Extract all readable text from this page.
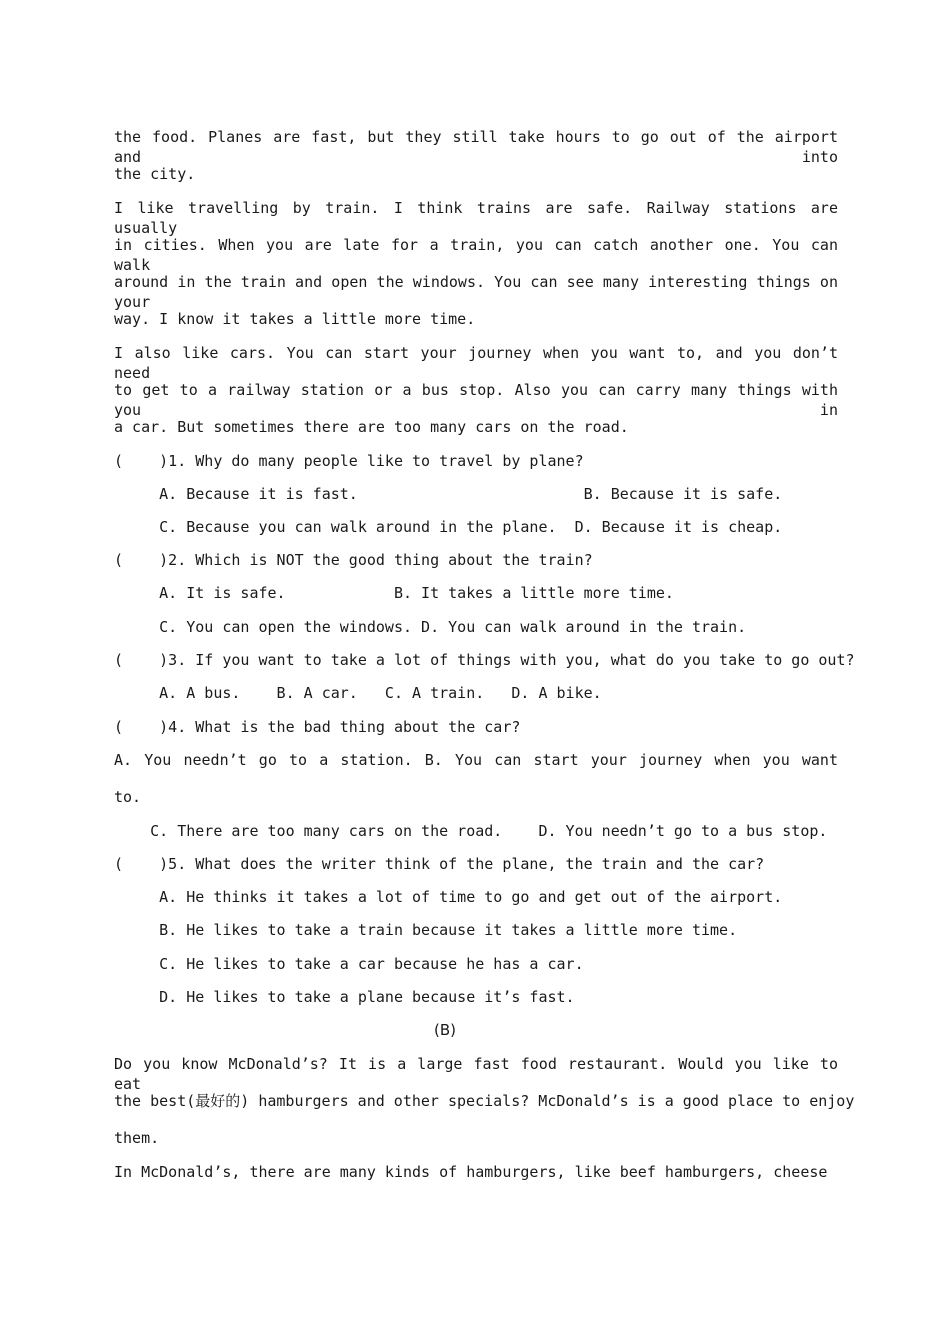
the food. Planes are fast, but they still take hours to go out of the airport and into
the city.
I like travelling by train. I think trains are safe. Railway stations are usually
in cities. When you are late for a train, you can catch another one. You can walk
around in the train and open the windows. You can see many interesting things on your
way. I know it takes a little more time.
I also like cars. You can start your journey when you want to, and you don’t need
to get to a railway station or a bus stop. Also you can carry many things with you in
a car. But sometimes there are too many cars on the road.
(    )1. Why do many people like to travel by plane?
A. Because it is fast.                         B. Because it is safe.
C. Because you can walk around in the plane.  D. Because it is cheap.
(    )2. Which is NOT the good thing about the train?
A. It is safe.            B. It takes a little more time.
C. You can open the windows. D. You can walk around in the train.
(    )3. If you want to take a lot of things with you, what do you take to go out?
A. A bus.    B. A car.   C. A train.   D. A bike.
(    )4. What is the bad thing about the car?
A. You needn’t go to a station. B. You can start your journey when you want
to.
C. There are too many cars on the road.    D. You needn’t go to a bus stop.
(    )5. What does the writer think of the plane, the train and the car?
A. He thinks it takes a lot of time to go and get out of the airport.
B. He likes to take a train because it takes a little more time.
C. He likes to take a car because he has a car.
D. He likes to take a plane because it’s fast.
(B)
Do you know McDonald’s? It is a large fast food restaurant. Would you like to eat
the best(最好的) hamburgers and other specials? McDonald’s is a good place to enjoy
them.
In McDonald’s, there are many kinds of hamburgers, like beef hamburgers, cheese
